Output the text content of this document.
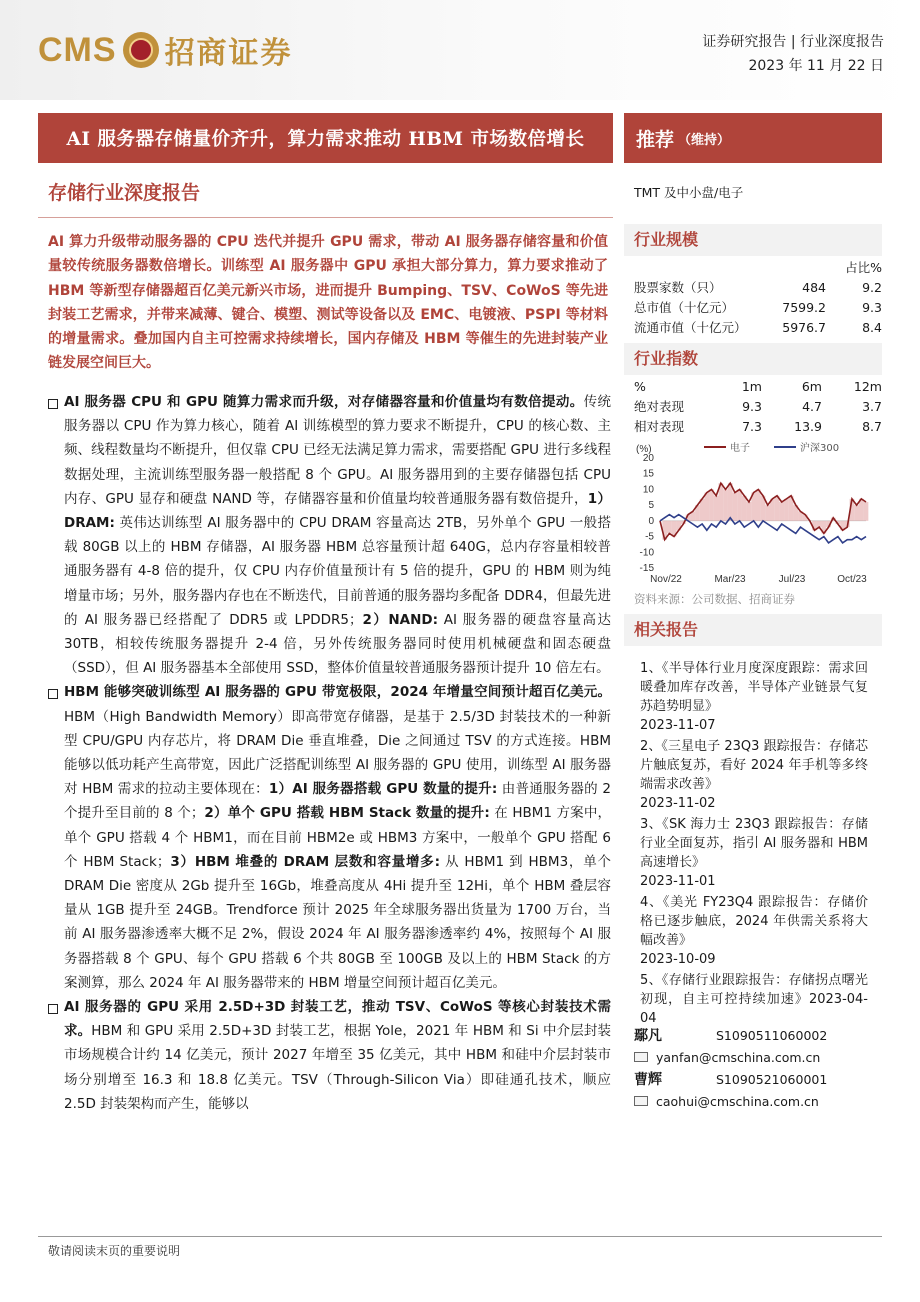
CMS 招商证券	证券研究报告 | 行业深度报告
2023 年 11 月 22 日
AI 服务器存储量价齐升，算力需求推动 HBM 市场数倍增长	推荐 （维持）
存储行业深度报告
AI 算力升级带动服务器的 CPU 迭代并提升 GPU 需求，带动 AI 服务器存储容量和价值量较传统服务器数倍增长。训练型 AI 服务器中 GPU 承担大部分算力，算力要求推动了 HBM 等新型存储器超百亿美元新兴市场，进而提升 Bumping、TSV、CoWoS 等先进封装工艺需求，并带来减薄、键合、模塑、测试等设备以及 EMC、电镀液、PSPI 等材料的增量需求。叠加国内自主可控需求持续增长，国内存储及 HBM 等催生的先进封装产业链发展空间巨大。
AI 服务器 CPU 和 GPU 随算力需求而升级，对存储器容量和价值量均有数倍提动。传统服务器以 CPU 作为算力核心，随着 AI 训练模型的算力要求不断提升，CPU 的核心数、主频、线程数量均不断提升，但仅靠 CPU 已经无法满足算力需求，需要搭配 GPU 进行多线程数据处理，主流训练型服务器一般搭配 8 个 GPU。AI 服务器用到的主要存储器包括 CPU 内存、GPU 显存和硬盘 NAND 等，存储器容量和价值量均较普通服务器有数倍提升，1）DRAM: 英伟达训练型 AI 服务器中的 CPU DRAM 容量高达 2TB，另外单个 GPU 一般搭载 80GB 以上的 HBM 存储器，AI 服务器 HBM 总容量预计超 640G，总内存容量相较普通服务器有 4-8 倍的提升，仅 CPU 内存价值量预计有 5 倍的提升，GPU 的 HBM 则为纯增量市场；另外，服务器内存也在不断迭代，目前普通的服务器均多配备 DDR4，但最先进的 AI 服务器已经搭配了 DDR5 或 LPDDR5；2）NAND: AI 服务器的硬盘容量高达 30TB，相较传统服务器提升 2-4 倍，另外传统服务器同时使用机械硬盘和固态硬盘（SSD），但 AI 服务器基本全部使用 SSD，整体价值量较普通服务器预计提升 10 倍左右。
HBM 能够突破训练型 AI 服务器的 GPU 带宽极限，2024 年增量空间预计超百亿美元。HBM（High Bandwidth Memory）即高带宽存储器，是基于 2.5/3D 封装技术的一种新型 CPU/GPU 内存芯片，将 DRAM Die 垂直堆叠，Die 之间通过 TSV 的方式连接。HBM 能够以低功耗产生高带宽，因此广泛搭配训练型 AI 服务器的 GPU 使用，训练型 AI 服务器对 HBM 需求的拉动主要体现在：1）AI 服务器搭载 GPU 数量的提升: 由普通服务器的 2 个提升至目前的 8 个；2）单个 GPU 搭载 HBM Stack 数量的提升: 在 HBM1 方案中，单个 GPU 搭载 4 个 HBM1，而在目前 HBM2e 或 HBM3 方案中，一般单个 GPU 搭配 6 个 HBM Stack；3）HBM 堆叠的 DRAM 层数和容量增多: 从 HBM1 到 HBM3，单个 DRAM Die 密度从 2Gb 提升至 16Gb，堆叠高度从 4Hi 提升至 12Hi，单个 HBM 叠层容量从 1GB 提升至 24GB。Trendforce 预计 2025 年全球服务器出货量为 1700 万台，当前 AI 服务器渗透率大概不足 2%，假设 2024 年 AI 服务器渗透率约 4%，按照每个 AI 服务器搭载 8 个 GPU、每个 GPU 搭载 6 个共 80GB 至 100GB 及以上的 HBM Stack 的方案测算，那么 2024 年 AI 服务器带来的 HBM 增量空间预计超百亿美元。
AI 服务器的 GPU 采用 2.5D+3D 封装工艺，推动 TSV、CoWoS 等核心封装技术需求。HBM 和 GPU 采用 2.5D+3D 封装工艺，根据 Yole，2021 年 HBM 和 Si 中介层封装市场规模合计约 14 亿美元，预计 2027 年增至 35 亿美元，其中 HBM 和硅中介层封装市场分别增至 16.3 和 18.8 亿美元。TSV（Through-Silicon Via）即硅通孔技术，顺应 2.5D 封装架构而产生，能够以
TMT 及中小盘/电子
行业规模
		占比%
股票家数（只）	484	9.2
总市值（十亿元）	7599.2	9.3
流通市值（十亿元）	5976.7	8.4
行业指数
%	1m	6m	12m
绝对表现	9.3	4.7	3.7
相对表现	7.3	13.9	8.7
(%)
20
15
10
5
0
-5
-10
-15
Nov/22	Mar/23	Jul/23	Oct/23
电子	沪深300
资料来源：公司数据、招商证券
相关报告
1、《半导体行业月度深度跟踪：需求回暖叠加库存改善，半导体产业链景气复苏趋势明显》
2023-11-07
2、《三星电子 23Q3 跟踪报告：存储芯片触底复苏，看好 2024 年手机等多终端需求改善》
2023-11-02
3、《SK 海力士 23Q3 跟踪报告：存储行业全面复苏，指引 AI 服务器和 HBM 高速增长》
2023-11-01
4、《美光 FY23Q4 跟踪报告：存储价格已逐步触底，2024 年供需关系将大幅改善》
2023-10-09
5、《存储行业跟踪报告：存储拐点曙光初现，自主可控持续加速》2023-04-04
鄢凡	S1090511060002
yanfan@cmschina.com.cn
曹辉	S1090521060001
caohui@cmschina.com.cn
敬请阅读末页的重要说明
